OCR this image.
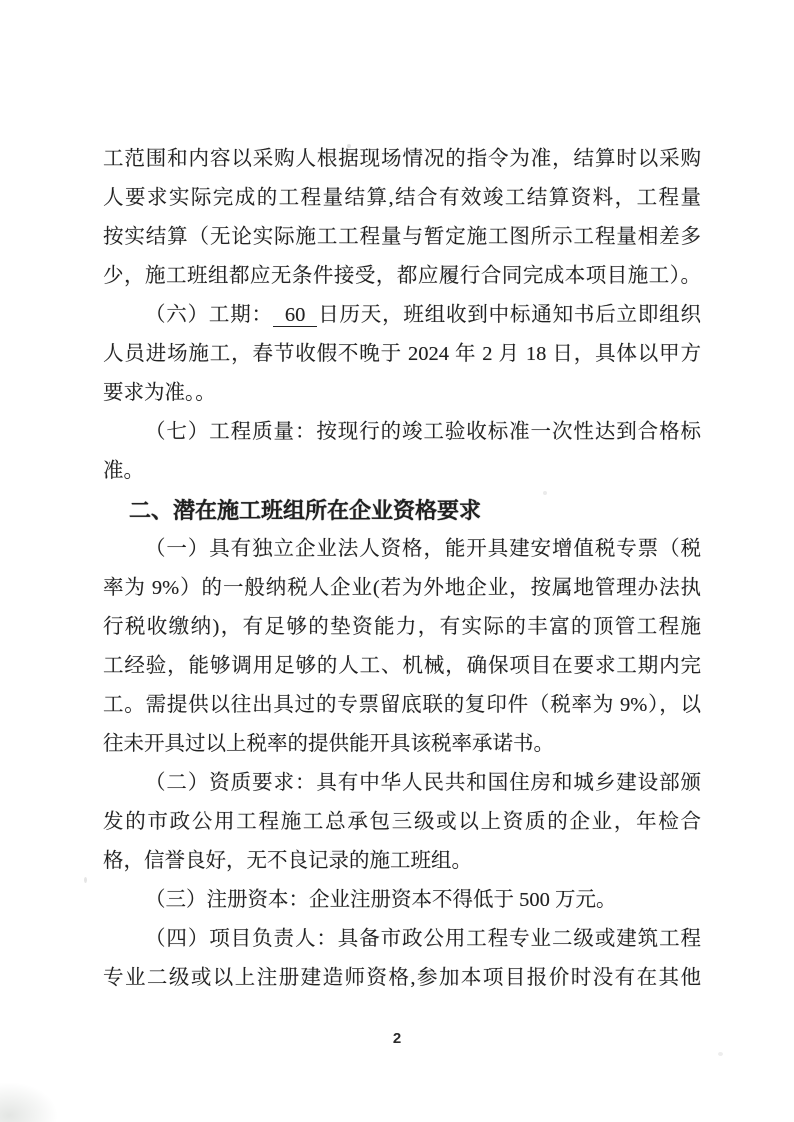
工范围和内容以采购人根据现场情况的指令为准，结算时以采购
人要求实际完成的工程量结算,结合有效竣工结算资料，工程量
按实结算（无论实际施工工程量与暂定施工图所示工程量相差多
少，施工班组都应无条件接受，都应履行合同完成本项目施工）。
（六）工期： 60 日历天，班组收到中标通知书后立即组织
人员进场施工，春节收假不晚于 2024 年 2 月 18 日，具体以甲方
要求为准。。
（七）工程质量：按现行的竣工验收标准一次性达到合格标
准。
二、潜在施工班组所在企业资格要求
（一）具有独立企业法人资格，能开具建安增值税专票（税
率为 9%）的一般纳税人企业(若为外地企业，按属地管理办法执
行税收缴纳)，有足够的垫资能力，有实际的丰富的顶管工程施
工经验，能够调用足够的人工、机械，确保项目在要求工期内完
工。需提供以往出具过的专票留底联的复印件（税率为 9%），以
往未开具过以上税率的提供能开具该税率承诺书。
（二）资质要求：具有中华人民共和国住房和城乡建设部颁
发的市政公用工程施工总承包三级或以上资质的企业，年检合
格，信誉良好，无不良记录的施工班组。
（三）注册资本：企业注册资本不得低于 500 万元。
（四）项目负责人：具备市政公用工程专业二级或建筑工程
专业二级或以上注册建造师资格,参加本项目报价时没有在其他
2
